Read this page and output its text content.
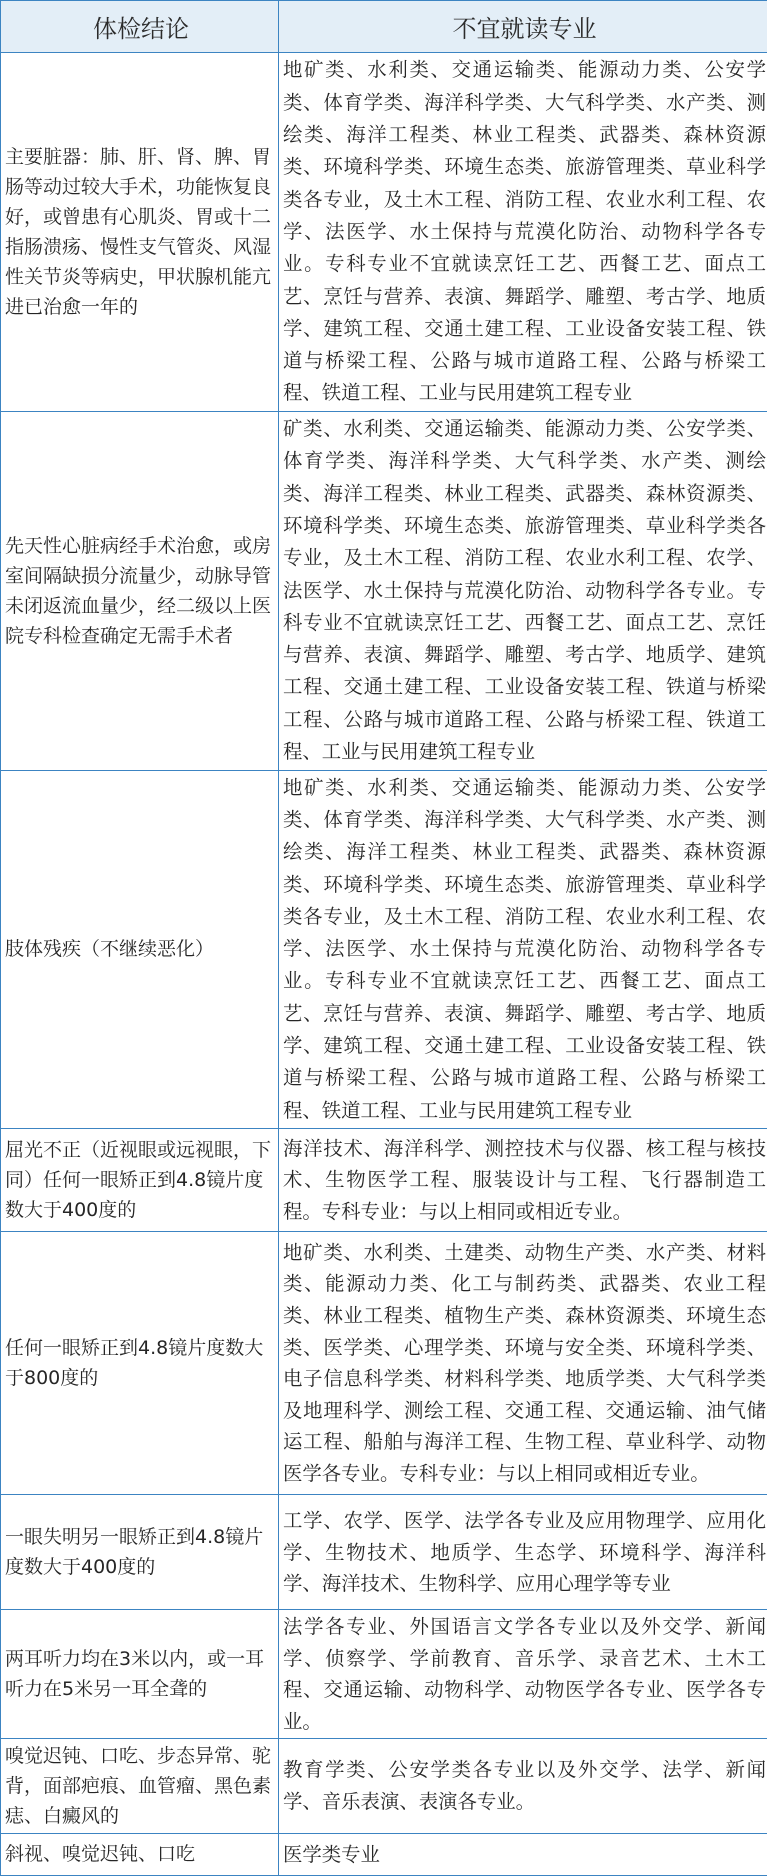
体检结论	不宜就读专业
主要脏器：肺、肝、肾、脾、胃肠等动过较大手术，功能恢复良好，或曾患有心肌炎、胃或十二指肠溃疡、慢性支气管炎、风湿性关节炎等病史，甲状腺机能亢进已治愈一年的	地矿类、水利类、交通运输类、能源动力类、公安学类、体育学类、海洋科学类、大气科学类、水产类、测绘类、海洋工程类、林业工程类、武器类、森林资源类、环境科学类、环境生态类、旅游管理类、草业科学类各专业，及土木工程、消防工程、农业水利工程、农学、法医学、水土保持与荒漠化防治、动物科学各专业。专科专业不宜就读烹饪工艺、西餐工艺、面点工艺、烹饪与营养、表演、舞蹈学、雕塑、考古学、地质学、建筑工程、交通土建工程、工业设备安装工程、铁道与桥梁工程、公路与城市道路工程、公路与桥梁工程、铁道工程、工业与民用建筑工程专业
先天性心脏病经手术治愈，或房室间隔缺损分流量少，动脉导管未闭返流血量少，经二级以上医院专科检查确定无需手术者	矿类、水利类、交通运输类、能源动力类、公安学类、体育学类、海洋科学类、大气科学类、水产类、测绘类、海洋工程类、林业工程类、武器类、森林资源类、环境科学类、环境生态类、旅游管理类、草业科学类各专业，及土木工程、消防工程、农业水利工程、农学、法医学、水土保持与荒漠化防治、动物科学各专业。专科专业不宜就读烹饪工艺、西餐工艺、面点工艺、烹饪与营养、表演、舞蹈学、雕塑、考古学、地质学、建筑工程、交通土建工程、工业设备安装工程、铁道与桥梁工程、公路与城市道路工程、公路与桥梁工程、铁道工程、工业与民用建筑工程专业
肢体残疾（不继续恶化）	地矿类、水利类、交通运输类、能源动力类、公安学类、体育学类、海洋科学类、大气科学类、水产类、测绘类、海洋工程类、林业工程类、武器类、森林资源类、环境科学类、环境生态类、旅游管理类、草业科学类各专业，及土木工程、消防工程、农业水利工程、农学、法医学、水土保持与荒漠化防治、动物科学各专业。专科专业不宜就读烹饪工艺、西餐工艺、面点工艺、烹饪与营养、表演、舞蹈学、雕塑、考古学、地质学、建筑工程、交通土建工程、工业设备安装工程、铁道与桥梁工程、公路与城市道路工程、公路与桥梁工程、铁道工程、工业与民用建筑工程专业
屈光不正（近视眼或远视眼，下同）任何一眼矫正到4.8镜片度数大于400度的	海洋技术、海洋科学、测控技术与仪器、核工程与核技术、生物医学工程、服装设计与工程、飞行器制造工程。专科专业：与以上相同或相近专业。
任何一眼矫正到4.8镜片度数大于800度的	地矿类、水利类、土建类、动物生产类、水产类、材料类、能源动力类、化工与制药类、武器类、农业工程类、林业工程类、植物生产类、森林资源类、环境生态类、医学类、心理学类、环境与安全类、环境科学类、电子信息科学类、材料科学类、地质学类、大气科学类及地理科学、测绘工程、交通工程、交通运输、油气储运工程、船舶与海洋工程、生物工程、草业科学、动物医学各专业。专科专业：与以上相同或相近专业。
一眼失明另一眼矫正到4.8镜片度数大于400度的	工学、农学、医学、法学各专业及应用物理学、应用化学、生物技术、地质学、生态学、环境科学、海洋科学、海洋技术、生物科学、应用心理学等专业
两耳听力均在3米以内，或一耳听力在5米另一耳全聋的	法学各专业、外国语言文学各专业以及外交学、新闻学、侦察学、学前教育、音乐学、录音艺术、土木工程、交通运输、动物科学、动物医学各专业、医学各专业。
嗅觉迟钝、口吃、步态异常、驼背，面部疤痕、血管瘤、黑色素痣、白癜风的	教育学类、公安学类各专业以及外交学、法学、新闻学、音乐表演、表演各专业。
斜视、嗅觉迟钝、口吃	医学类专业
